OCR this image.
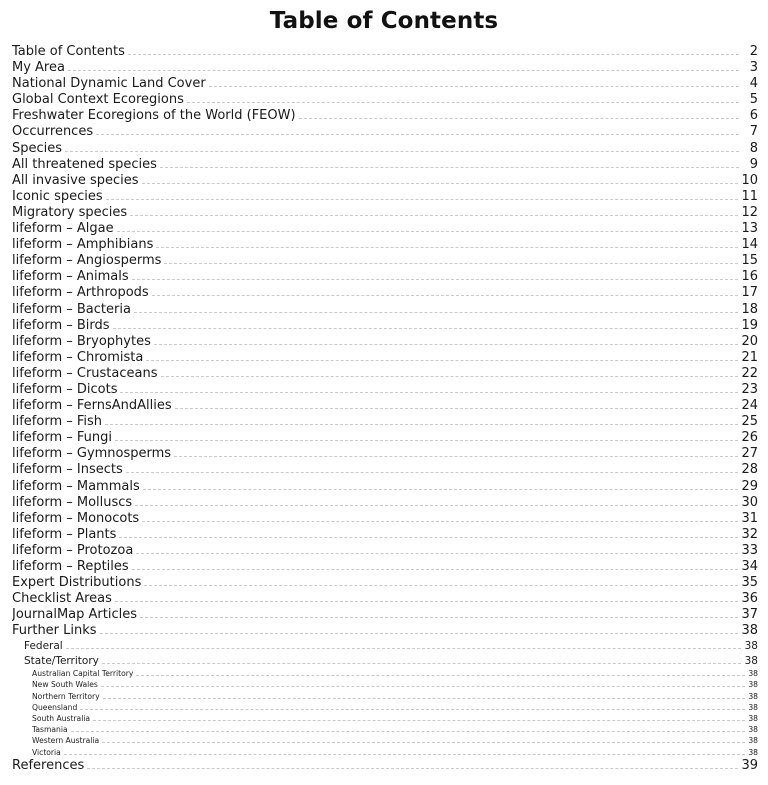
Table of Contents
Table of Contents	2
My Area	3
National Dynamic Land Cover	4
Global Context Ecoregions	5
Freshwater Ecoregions of the World (FEOW)	6
Occurrences	7
Species	8
All threatened species	9
All invasive species	10
Iconic species	11
Migratory species	12
lifeform – Algae	13
lifeform – Amphibians	14
lifeform – Angiosperms	15
lifeform – Animals	16
lifeform – Arthropods	17
lifeform – Bacteria	18
lifeform – Birds	19
lifeform – Bryophytes	20
lifeform – Chromista	21
lifeform – Crustaceans	22
lifeform – Dicots	23
lifeform – FernsAndAllies	24
lifeform – Fish	25
lifeform – Fungi	26
lifeform – Gymnosperms	27
lifeform – Insects	28
lifeform – Mammals	29
lifeform – Molluscs	30
lifeform – Monocots	31
lifeform – Plants	32
lifeform – Protozoa	33
lifeform – Reptiles	34
Expert Distributions	35
Checklist Areas	36
JournalMap Articles	37
Further Links	38
Federal	38
State/Territory	38
Australian Capital Territory	38
New South Wales	38
Northern Territory	38
Queensland	38
South Australia	38
Tasmania	38
Western Australia	38
Victoria	38
References	39
